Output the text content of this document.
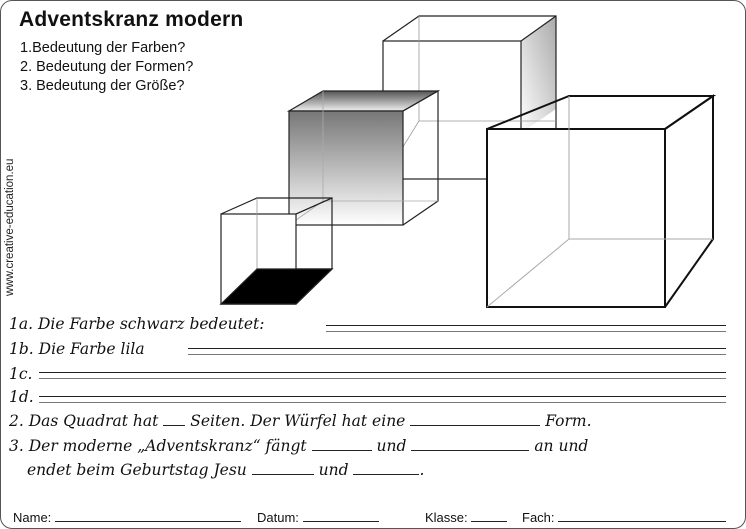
Adventskranz modern
1.Bedeutung der Farben?
2. Bedeutung der Formen?
3. Bedeutung der Größe?
www.creative-education.eu
1a. Die Farbe schwarz bedeutet:
1b. Die Farbe lila
1c.
1d.
2. Das Quadrat hat Seiten. Der Würfel hat eine	Form.
3. Der moderne „Adventskranz“ fängt	und	an und
endet beim Geburtstag Jesu	und	.
Name:	Datum:	Klasse:	Fach:
